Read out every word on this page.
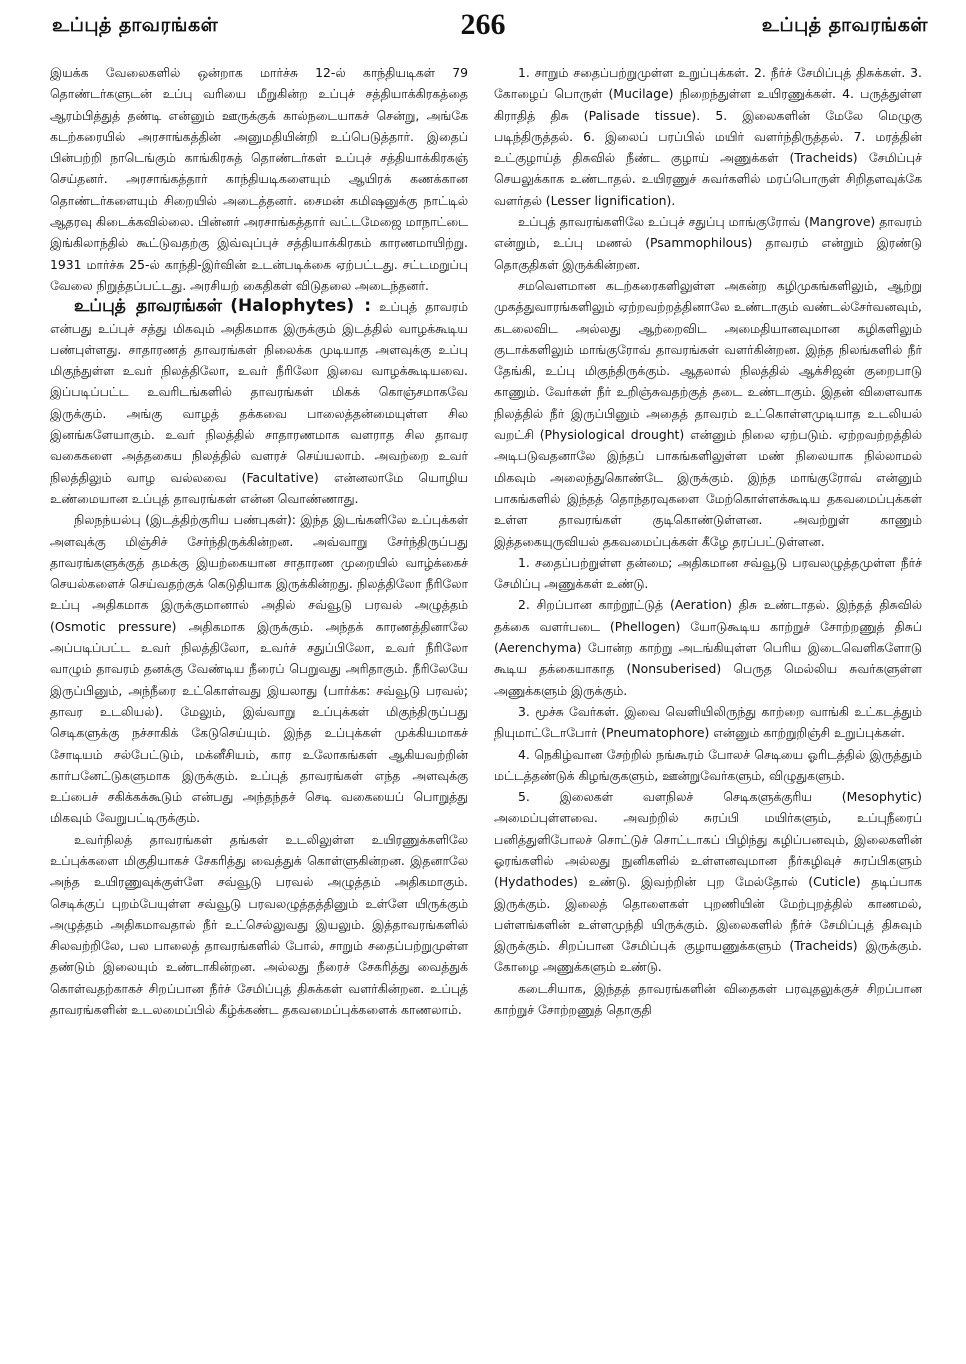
உப்புத் தாவரங்கள்	266	உப்புத் தாவரங்கள்

இயக்க வேலைகளில் ஒன்றாக மார்ச்சு 12-ல் காந்தியடிகள் 79 தொண்டர்களுடன் உப்பு வரியை மீறுகின்ற உப்புச் சத்தியாக்கிரகத்தை ஆரம்பித்துத் தண்டி என்னும் ஊருக்குக் கால்நடையாகச் சென்று, அங்கே கடற்கரையில் அரசாங்கத்தின் அனுமதியின்றி உப்பெடுத்தார். இதைப் பின்பற்றி நாடெங்கும் காங்கிரசுத் தொண்டர்கள் உப்புச் சத்தியாக்கிரகஞ் செய்தனர். அரசாங்கத்தார் காந்தியடிகளையும் ஆயிரக் கணக்கான தொண்டர்களையும் சிறையில் அடைத்தனர். சைமன் கமிஷனுக்கு நாட்டில் ஆதரவு கிடைக்கவில்லை. பின்னர் அரசாங்கத்தார் வட்டமேஜை மாநாட்டை இங்கிலாந்தில் கூட்டுவதற்கு இவ்வுப்புச் சத்தியாக்கிரகம் காரணமாயிற்று. 1931 மார்ச்சு 25-ல் காந்தி-இர்வின் உடன்படிக்கை ஏற்பட்டது. சட்டமறுப்பு வேலை நிறுத்தப்பட்டது. அரசியற் கைதிகள் விடுதலை அடைந்தனர்.

உப்புத் தாவரங்கள் (Halophytes) : உப்புத் தாவரம் என்பது உப்புச் சத்து மிகவும் அதிகமாக இருக்கும் இடத்தில் வாழக்கூடிய பண்புள்ளது. சாதாரணத் தாவரங்கள் நிலைக்க முடியாத அளவுக்கு உப்பு மிகுந்துள்ள உவர் நிலத்திலோ, உவர் நீரிலோ இவை வாழக்கூடியவை. இப்படிப்பட்ட உவரிடங்களில் தாவரங்கள் மிகக் கொஞ்சமாகவே இருக்கும். அங்கு வாழத் தக்கவை பாலைத்தன்மையுள்ள சில இனங்களேயாகும். உவர் நிலத்தில் சாதாரணமாக வளராத சில தாவர வகைகளை அத்தகைய நிலத்தில் வளரச் செய்யலாம். அவற்றை உவர் நிலத்திலும் வாழ வல்லவை (Facultative) என்னலாமே யொழிய உண்மையான உப்புத் தாவரங்கள் என்ன வொண்ணாது.

நிலநந்யல்பு (இடத்திற்குரிய பண்புகள்): இந்த இடங்களிலே உப்புக்கள் அளவுக்கு மிஞ்சிச் சேர்ந்திருக்கின்றன. அவ்வாறு சேர்ந்திருப்பது தாவரங்களுக்குத் தமக்கு இயற்கையான சாதாரண முறையில் வாழ்க்கைச் செயல்களைச் செய்வதற்குக் கெடுதியாக இருக்கின்றது. நிலத்திலோ நீரிலோ உப்பு அதிகமாக இருக்குமானால் அதில் சவ்வூடு பரவல் அழுத்தம் (Osmotic pressure) அதிகமாக இருக்கும். அந்தக் காரணத்தினாலே அப்படிப்பட்ட உவர் நிலத்திலோ, உவர்ச் சதுப்பிலோ, உவர் நீரிலோ வாழும் தாவரம் தனக்கு வேண்டிய நீரைப் பெறுவது அரிதாகும். நீரிலேயே இருப்பினும், அந்நீரை உட்கொள்வது இயலாது (பார்க்க: சவ்வூடு பரவல்; தாவர உடலியல்). மேலும், இவ்வாறு உப்புக்கள் மிகுந்திருப்பது செடிகளுக்கு நச்சாகிக் கேடுசெய்யும். இந்த உப்புக்கள் முக்கியமாகச் சோடியம் சல்பேட்டும், மக்னீசியம், கார உலோகங்கள் ஆகியவற்றின் கார்பனேட்டுகளுமாக இருக்கும். உப்புத் தாவரங்கள் எந்த அளவுக்கு உப்பைச் சகிக்கக்கூடும் என்பது அந்தந்தச் செடி வகையைப் பொறுத்து மிகவும் வேறுபட்டிருக்கும்.

உவர்நிலத் தாவரங்கள் தங்கள் உடலிலுள்ள உயிரணுக்களிலே உப்புக்களை மிகுதியாகச் சேகரித்து வைத்துக் கொள்ளுகின்றன. இதனாலே அந்த உயிரணுவுக்குள்ளே சவ்வூடு பரவல் அழுத்தம் அதிகமாகும். செடிக்குப் புறம்பேயுள்ள சவ்வூடு பரவலழுத்தத்தினும் உள்ளே யிருக்கும் அழுத்தம் அதிகமாவதால் நீர் உட்செல்லுவது இயலும். இத்தாவரங்களில் சிலவற்றிலே, பல பாலைத் தாவரங்களில் போல், சாறும் சதைப்பற்றுமுள்ள தண்டும் இலையும் உண்டாகின்றன. அல்லது நீரைச் சேகரித்து வைத்துக் கொள்வதற்காகச் சிறப்பான நீர்ச் சேமிப்புத் திசுக்கள் வளர்கின்றன. உப்புத் தாவரங்களின் உடலமைப்பில் கீழ்க்கண்ட தகவமைப்புக்களைக் காணலாம்.

1. சாறும் சதைப்பற்றுமுள்ள உறுப்புக்கள். 2. நீர்ச் சேமிப்புத் திசுக்கள். 3. கோழைப் பொருள் (Mucilage) நிறைந்துள்ள உயிரணுக்கள். 4. பருத்துள்ள கிராதித் திசு (Palisade tissue). 5. இலைகளின் மேலே மெழுகு படிந்திருத்தல். 6. இலைப் பரப்பில் மயிர் வளர்ந்திருத்தல். 7. மரத்தின் உட்குழாய்த் திசுவில் நீண்ட குழாய் அணுக்கள் (Tracheids) சேமிப்புச் செயலுக்காக உண்டாதல். உயிரணுச் சுவர்களில் மரப்பொருள் சிறிதளவுக்கே வளர்தல் (Lesser lignification).

உப்புத் தாவரங்களிலே உப்புச் சதுப்பு மாங்குரோவ் (Mangrove) தாவரம் என்றும், உப்பு மணல் (Psammophilous) தாவரம் என்றும் இரண்டு தொகுதிகள் இருக்கின்றன.

சமவெளமான கடற்கரைகளிலுள்ள அகன்ற கழிமுகங்களிலும், ஆற்று முகத்துவாரங்களிலும் ஏற்றவற்றத்தினாலே உண்டாகும் வண்டல்சேர்வனவும், கடலைவிட அல்லது ஆற்றைவிட அமைதியானவுமான கழிகளிலும் குடாக்களிலும் மாங்குரோவ் தாவரங்கள் வளர்கின்றன. இந்த நிலங்களில் நீர் தேங்கி, உப்பு மிகுந்திருக்கும். ஆதலால் நிலத்தில் ஆக்சிஜன் குறைபாடு காணும். வேர்கள் நீர் உறிஞ்சுவதற்குத் தடை உண்டாகும். இதன் விளைவாக நிலத்தில் நீர் இருப்பினும் அதைத் தாவரம் உட்கொள்ளமுடியாத உடலியல் வறட்சி (Physiological drought) என்னும் நிலை ஏற்படும். ஏற்றவற்றத்தில் அடிபடுவதனாலே இந்தப் பாகங்களிலுள்ள மண் நிலையாக நில்லாமல் மிகவும் அலைந்துகொண்டே இருக்கும். இந்த மாங்குரோவ் என்னும் பாகங்களில் இந்தத் தொந்தரவுகளை மேற்கொள்ளக்கூடிய தகவமைப்புக்கள் உள்ள தாவரங்கள் குடிகொண்டுள்ளன. அவற்றுள் காணும் இத்தகையுருவியல் தகவமைப்புக்கள் கீழே தரப்பட்டுள்ளன.

1. சதைப்பற்றுள்ள தன்மை; அதிகமான சவ்வூடு பரவலழுத்தமுள்ள நீர்ச் சேமிப்பு அணுக்கள் உண்டு.

2. சிறப்பான காற்றூட்டுத் (Aeration) திசு உண்டாதல். இந்தத் திசுவில் தக்கை வளர்படை (Phellogen) யோடுகூடிய காற்றுச் சோற்றணுத் திசுப் (Aerenchyma) போன்ற காற்று அடங்கியுள்ள பெரிய இடைவெளிகளோடு கூடிய தக்கையாகாத (Nonsuberised) பெருத மெல்லிய சுவர்களுள்ள அணுக்களும் இருக்கும்.

3. மூச்சு வேர்கள். இவை வெளியிலிருந்து காற்றை வாங்கி உட்கடத்தும் நியுமாட்டோபோர் (Pneumatophore) என்னும் காற்றுறிஞ்சி உறுப்புக்கள்.

4. நெகிழ்வான சேற்றில் நங்கூரம் போலச் செடியை ஓரிடத்தில் இருத்தும் மட்டத்தண்டுக் கிழங்குகளும், ஊன்றுவேர்களும், விழுதுகளும்.

5. இலைகள் வளநிலச் செடிகளுக்குரிய (Mesophytic) அமைப்புள்ளவை. அவற்றில் சுரப்பி மயிர்களும், உப்புநீரைப் பனித்துளிபோலச் சொட்டுச் சொட்டாகப் பிழிந்து கழிப்பனவும், இலைகளின் ஓரங்களில் அல்லது நுனிகளில் உள்ளனவுமான நீர்கழிவுச் சுரப்பிகளும் (Hydathodes) உண்டு. இவற்றின் புற மேல்தோல் (Cuticle) தடிப்பாக இருக்கும். இலைத் தொளைகள் புறணியின் மேற்புறத்தில் காணமல், பள்ளங்களின் உள்ளமுந்தி யிருக்கும். இலைகளில் நீர்ச் சேமிப்புத் திசுவும் இருக்கும். சிறப்பான சேமிப்புக் குழாயணுக்களும் (Tracheids) இருக்கும். கோழை அணுக்களும் உண்டு.

கடைசியாக, இந்தத் தாவரங்களின் விதைகள் பரவுதலுக்குச் சிறப்பான காற்றுச் சோற்றணுத் தொகுதி
